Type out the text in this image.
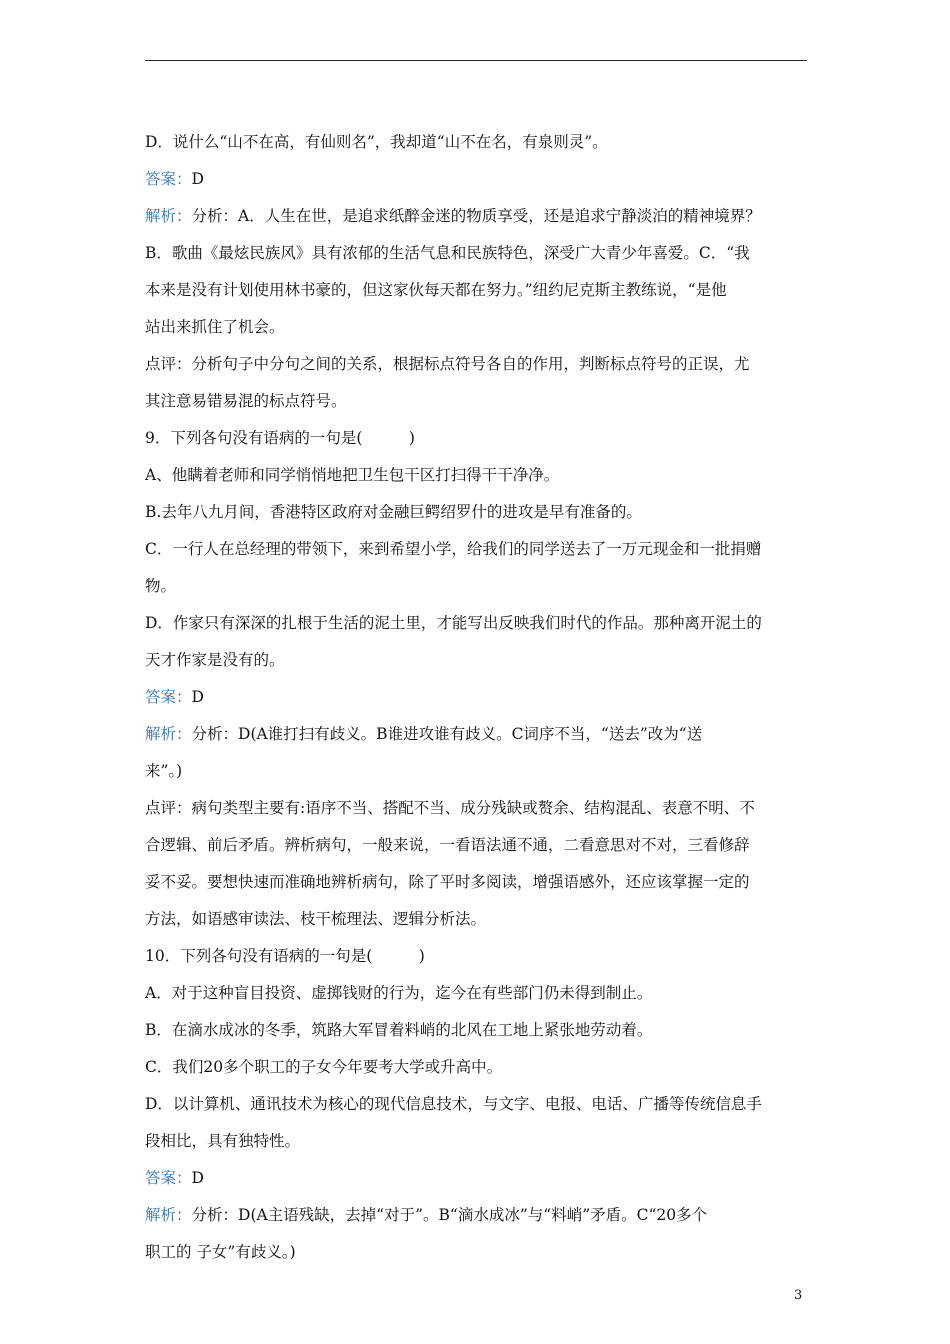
D．说什么“山不在高，有仙则名”，我却道“山不在名，有泉则灵”。
答案：D
解析：分析：A．人生在世，是追求纸醉金迷的物质享受，还是追求宁静淡泊的精神境界？
B．歌曲《最炫民族风》具有浓郁的生活气息和民族特色，深受广大青少年喜爱。C．“我
本来是没有计划使用林书豪的，但这家伙每天都在努力。”纽约尼克斯主教练说，“是他
站出来抓住了机会。
点评：分析句子中分句之间的关系，根据标点符号各自的作用，判断标点符号的正误，尤
其注意易错易混的标点符号。
9．下列各句没有语病的一句是(　　　)
A、他瞒着老师和同学悄悄地把卫生包干区打扫得干干净净。
B.去年八九月间，香港特区政府对金融巨鳄绍罗什的进攻是早有准备的。
C．一行人在总经理的带领下，来到希望小学，给我们的同学送去了一万元现金和一批捐赠
物。
D．作家只有深深的扎根于生活的泥土里，才能写出反映我们时代的作品。那种离开泥土的
天才作家是没有的。
答案：D
解析：分析：D(A谁打扫有歧义。B谁进攻谁有歧义。C词序不当，“送去”改为“送
来”。)
点评：病句类型主要有:语序不当、搭配不当、成分残缺或赘余、结构混乱、表意不明、不
合逻辑、前后矛盾。辨析病句，一般来说，一看语法通不通，二看意思对不对，三看修辞
妥不妥。要想快速而准确地辨析病句，除了平时多阅读，增强语感外，还应该掌握一定的
方法，如语感审读法、枝干梳理法、逻辑分析法。
10．下列各句没有语病的一句是(　　　)
A．对于这种盲目投资、虚掷钱财的行为，迄今在有些部门仍未得到制止。
B．在滴水成冰的冬季，筑路大军冒着料峭的北风在工地上紧张地劳动着。
C．我们20多个职工的子女今年要考大学或升高中。
D．以计算机、通讯技术为核心的现代信息技术，与文字、电报、电话、广播等传统信息手
段相比，具有独特性。
答案：D
解析：分析：D(A主语残缺，去掉“对于”。B“滴水成冰”与“料峭”矛盾。C“20多个
职工的 子女”有歧义。)
3
